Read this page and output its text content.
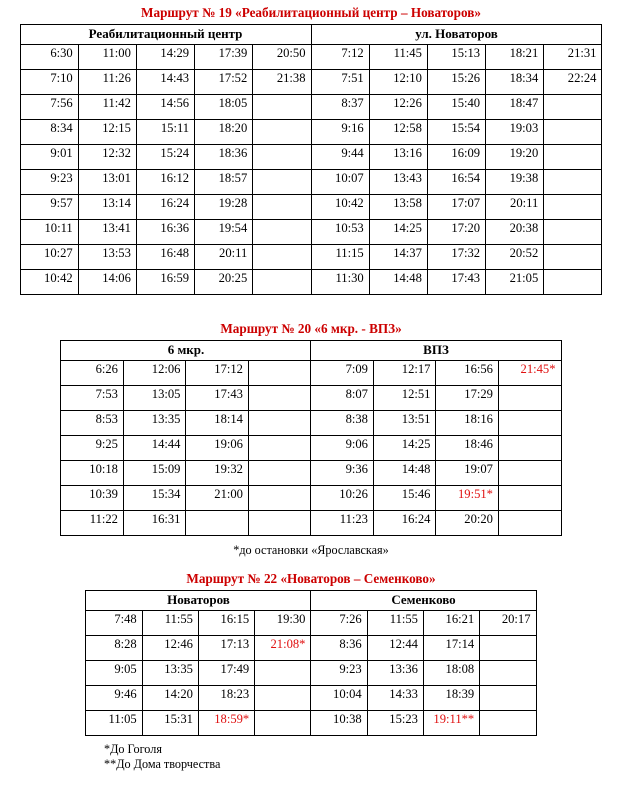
Маршрут № 19 «Реабилитационный центр – Новаторов»
Реабилитационный центр					ул. Новаторов				
6:30	11:00	14:29	17:39	20:50	7:12	11:45	15:13	18:21	21:31
7:10	11:26	14:43	17:52	21:38	7:51	12:10	15:26	18:34	22:24
7:56	11:42	14:56	18:05		8:37	12:26	15:40	18:47	
8:34	12:15	15:11	18:20		9:16	12:58	15:54	19:03	
9:01	12:32	15:24	18:36		9:44	13:16	16:09	19:20	
9:23	13:01	16:12	18:57		10:07	13:43	16:54	19:38	
9:57	13:14	16:24	19:28		10:42	13:58	17:07	20:11	
10:11	13:41	16:36	19:54		10:53	14:25	17:20	20:38	
10:27	13:53	16:48	20:11		11:15	14:37	17:32	20:52	
10:42	14:06	16:59	20:25		11:30	14:48	17:43	21:05	
Маршрут № 20 «6 мкр. - ВПЗ»
6 мкр.				ВПЗ			
6:26	12:06	17:12		7:09	12:17	16:56	21:45*
7:53	13:05	17:43		8:07	12:51	17:29	
8:53	13:35	18:14		8:38	13:51	18:16	
9:25	14:44	19:06		9:06	14:25	18:46	
10:18	15:09	19:32		9:36	14:48	19:07	
10:39	15:34	21:00		10:26	15:46	19:51*	
11:22	16:31			11:23	16:24	20:20	
*до остановки «Ярославская»
Маршрут № 22 «Новаторов – Семенково»
Новаторов				Семенково			
7:48	11:55	16:15	19:30	7:26	11:55	16:21	20:17
8:28	12:46	17:13	21:08*	8:36	12:44	17:14	
9:05	13:35	17:49		9:23	13:36	18:08	
9:46	14:20	18:23		10:04	14:33	18:39	
11:05	15:31	18:59*		10:38	15:23	19:11**	
*До Гоголя
**До Дома творчества
